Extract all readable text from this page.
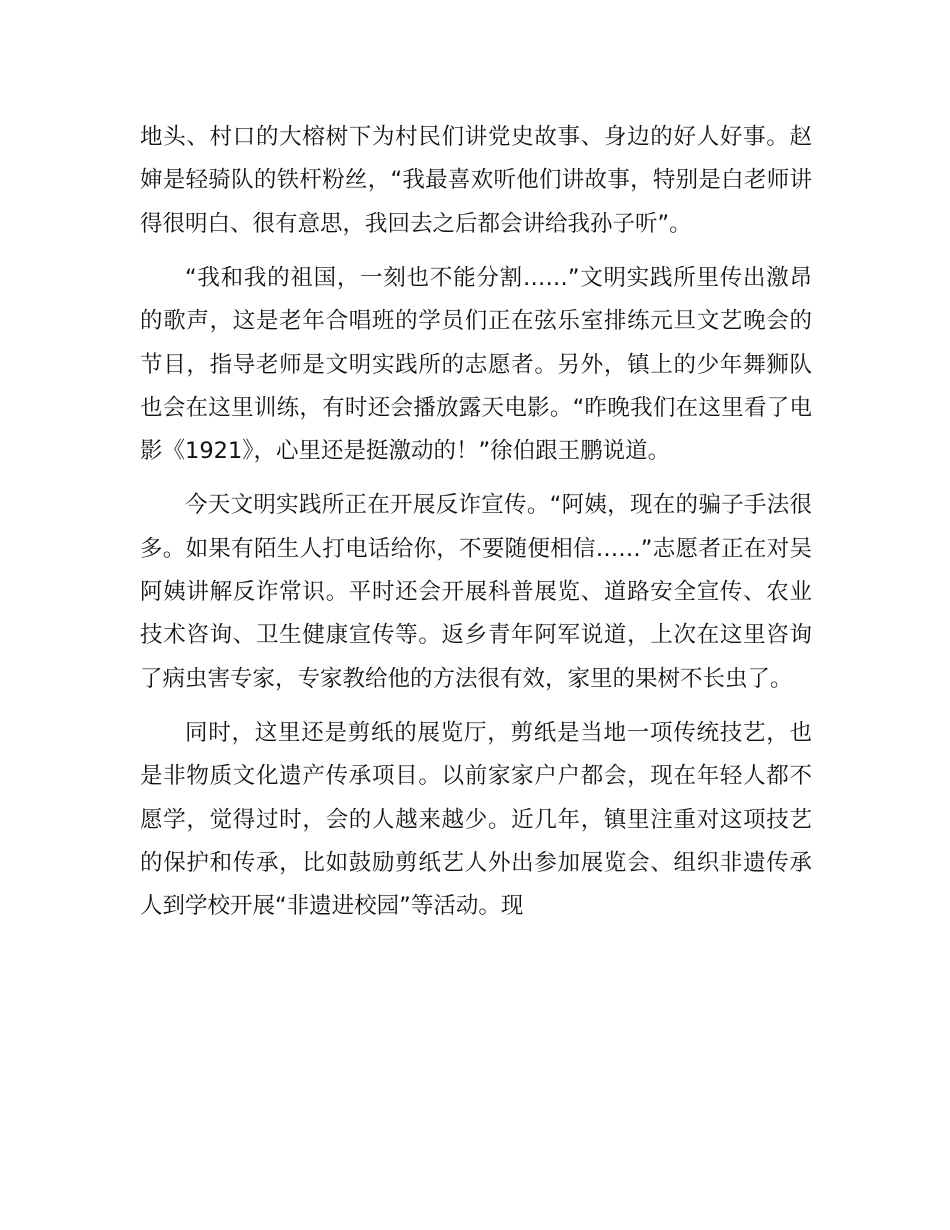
地头、村口的大榕树下为村民们讲党史故事、身边的好人好事。赵婶是轻骑队的铁杆粉丝，“我最喜欢听他们讲故事，特别是白老师讲得很明白、很有意思，我回去之后都会讲给我孙子听”。

“我和我的祖国，一刻也不能分割……”文明实践所里传出激昂的歌声，这是老年合唱班的学员们正在弦乐室排练元旦文艺晚会的节目，指导老师是文明实践所的志愿者。另外，镇上的少年舞狮队也会在这里训练，有时还会播放露天电影。“昨晚我们在这里看了电影《1921》，心里还是挺激动的！”徐伯跟王鹏说道。

今天文明实践所正在开展反诈宣传。“阿姨，现在的骗子手法很多。如果有陌生人打电话给你，不要随便相信……”志愿者正在对吴阿姨讲解反诈常识。平时还会开展科普展览、道路安全宣传、农业技术咨询、卫生健康宣传等。返乡青年阿军说道，上次在这里咨询了病虫害专家，专家教给他的方法很有效，家里的果树不长虫了。

同时，这里还是剪纸的展览厅，剪纸是当地一项传统技艺，也是非物质文化遗产传承项目。以前家家户户都会，现在年轻人都不愿学，觉得过时，会的人越来越少。近几年，镇里注重对这项技艺的保护和传承，比如鼓励剪纸艺人外出参加展览会、组织非遗传承人到学校开展“非遗进校园”等活动。现
